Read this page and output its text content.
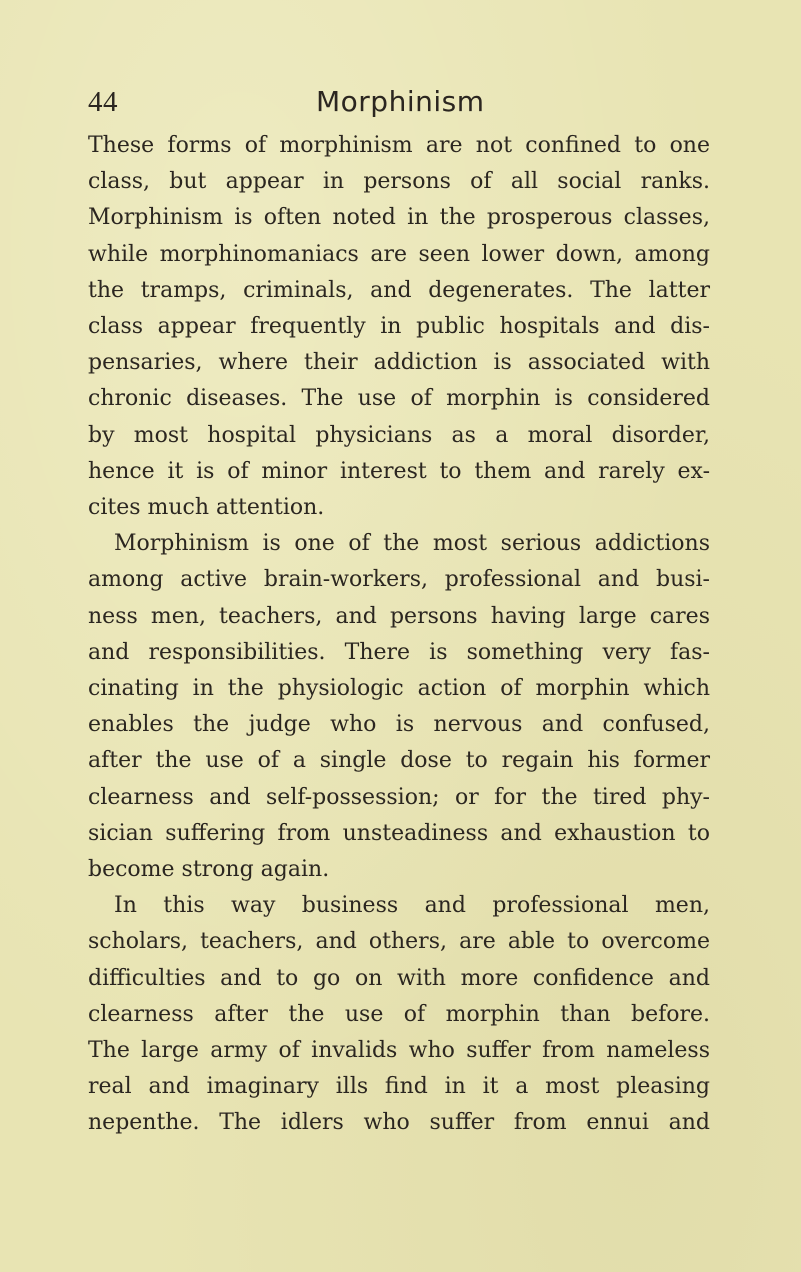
44	Morphinism
These forms of morphinism are not confined to one
class, but appear in persons of all social ranks.
Morphinism is often noted in the prosperous classes,
while morphinomaniacs are seen lower down, among
the tramps, criminals, and degenerates. The latter
class appear frequently in public hospitals and dis-
pensaries, where their addiction is associated with
chronic diseases. The use of morphin is considered
by most hospital physicians as a moral disorder,
hence it is of minor interest to them and rarely ex-
cites much attention.
Morphinism is one of the most serious addictions
among active brain-workers, professional and busi-
ness men, teachers, and persons having large cares
and responsibilities. There is something very fas-
cinating in the physiologic action of morphin which
enables the judge who is nervous and confused,
after the use of a single dose to regain his former
clearness and self-possession; or for the tired phy-
sician suffering from unsteadiness and exhaustion to
become strong again.
In this way business and professional men,
scholars, teachers, and others, are able to overcome
difficulties and to go on with more confidence and
clearness after the use of morphin than before.
The large army of invalids who suffer from nameless
real and imaginary ills find in it a most pleasing
nepenthe. The idlers who suffer from ennui and
